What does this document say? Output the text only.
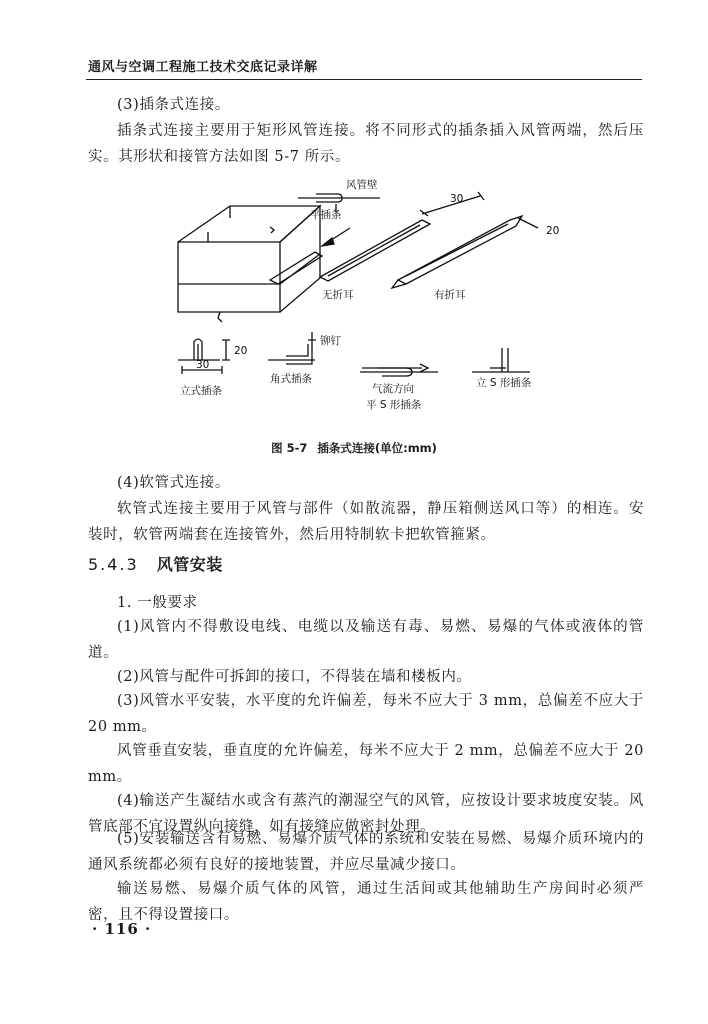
通风与空调工程施工技术交底记录详解

(3)插条式连接。

插条式连接主要用于矩形风管连接。将不同形式的插条插入风管两端，然后压实。其形状和接管方法如图 5-7 所示。

风管壁
平插条
无折耳	有折耳
30
20
铆钉
20
30
立式插条
角式插条
气流方向
平 S 形插条
立 S 形插条
图 5-7 插条式连接(单位:mm)

(4)软管式连接。

软管式连接主要用于风管与部件（如散流器，静压箱侧送风口等）的相连。安装时，软管两端套在连接管外，然后用特制软卡把软管箍紧。

5.4.3 风管安装

1. 一般要求

(1)风管内不得敷设电线、电缆以及输送有毒、易燃、易爆的气体或液体的管道。

(2)风管与配件可拆卸的接口，不得装在墙和楼板内。

(3)风管水平安装，水平度的允许偏差，每米不应大于 3 mm，总偏差不应大于 20 mm。

风管垂直安装，垂直度的允许偏差，每米不应大于 2 mm，总偏差不应大于 20 mm。

(4)输送产生凝结水或含有蒸汽的潮湿空气的风管，应按设计要求坡度安装。风管底部不宜设置纵向接缝，如有接缝应做密封处理。

(5)安装输送含有易燃、易爆介质气体的系统和安装在易燃、易爆介质环境内的通风系统都必须有良好的接地装置，并应尽量减少接口。

输送易燃、易爆介质气体的风管，通过生活间或其他辅助生产房间时必须严密，且不得设置接口。

· 116 ·
